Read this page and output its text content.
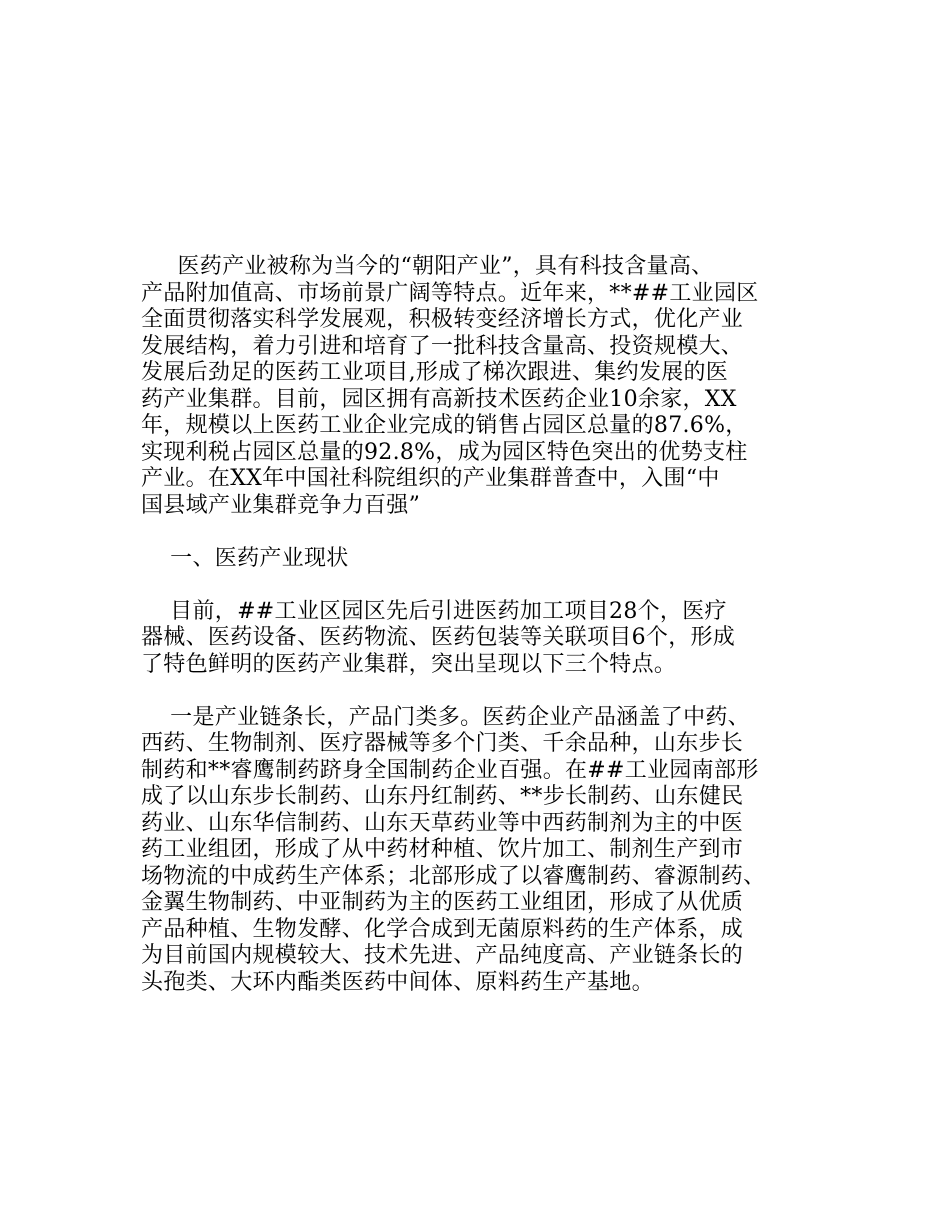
医药产业被称为当今的“朝阳产业”，具有科技含量高、
产品附加值高、市场前景广阔等特点。近年来，**##工业园区
全面贯彻落实科学发展观，积极转变经济增长方式，优化产业
发展结构，着力引进和培育了一批科技含量高、投资规模大、
发展后劲足的医药工业项目,形成了梯次跟进、集约发展的医
药产业集群。目前，园区拥有高新技术医药企业10余家，XX
年，规模以上医药工业企业完成的销售占园区总量的87.6%，
实现利税占园区总量的92.8%，成为园区特色突出的优势支柱
产业。在XX年中国社科院组织的产业集群普查中，入围“中
国县域产业集群竞争力百强”
一、医药产业现状
目前，##工业区园区先后引进医药加工项目28个，医疗
器械、医药设备、医药物流、医药包装等关联项目6个，形成
了特色鲜明的医药产业集群，突出呈现以下三个特点。
一是产业链条长，产品门类多。医药企业产品涵盖了中药、
西药、生物制剂、医疗器械等多个门类、千余品种，山东步长
制药和**睿鹰制药跻身全国制药企业百强。在##工业园南部形
成了以山东步长制药、山东丹红制药、**步长制药、山东健民
药业、山东华信制药、山东天草药业等中西药制剂为主的中医
药工业组团，形成了从中药材种植、饮片加工、制剂生产到市
场物流的中成药生产体系；北部形成了以睿鹰制药、睿源制药、
金翼生物制药、中亚制药为主的医药工业组团，形成了从优质
产品种植、生物发酵、化学合成到无菌原料药的生产体系，成
为目前国内规模较大、技术先进、产品纯度高、产业链条长的
头孢类、大环内酯类医药中间体、原料药生产基地。
